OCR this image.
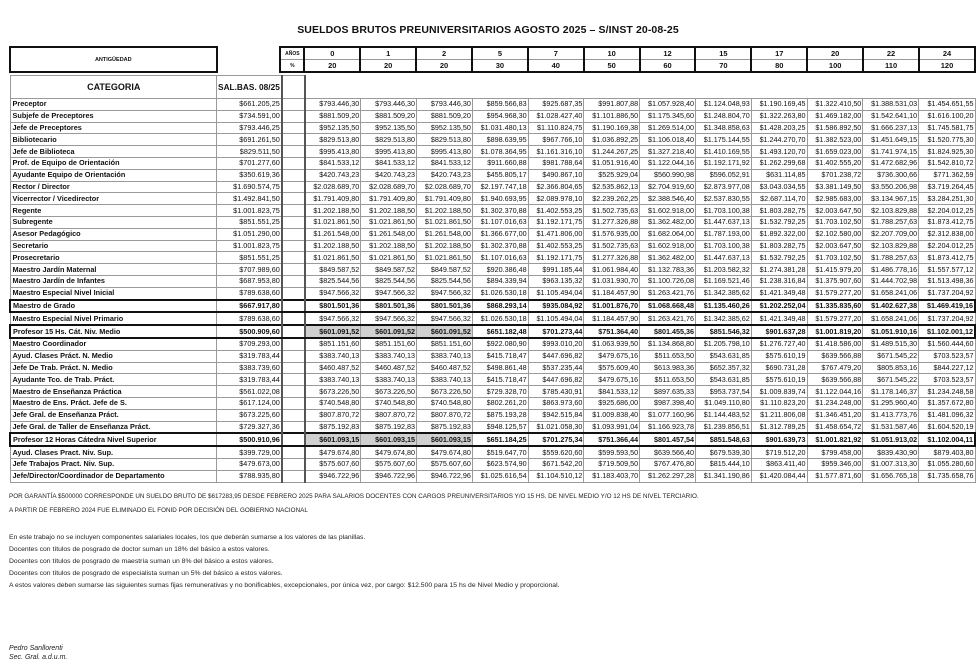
SUELDOS BRUTOS PREUNIVERSITARIOS AGOSTO 2025 – S/INST 20-08-25
ANTIGÜEDAD		AÑOS	0	1	2	5	7	10	12	15	17	20	22	24
		%	20	20	20	30	40	50	60	70	80	100	110	120
CATEGORIA	SAL.BAS. 08/25													
Preceptor	$661.205,25		$793.446,30	$793.446,30	$793.446,30	$859.566,83	$925.687,35	$991.807,88	$1.057.928,40	$1.124.048,93	$1.190.169,45	$1.322.410,50	$1.388.531,03	$1.454.651,55
Subjefe de Preceptores	$734.591,00		$881.509,20	$881.509,20	$881.509,20	$954.968,30	$1.028.427,40	$1.101.886,50	$1.175.345,60	$1.248.804,70	$1.322.263,80	$1.469.182,00	$1.542.641,10	$1.616.100,20
Jefe de Preceptores	$793.446,25		$952.135,50	$952.135,50	$952.135,50	$1.031.480,13	$1.110.824,75	$1.190.169,38	$1.269.514,00	$1.348.858,63	$1.428.203,25	$1.586.892,50	$1.666.237,13	$1.745.581,75
Bibliotecario	$691.261,50		$829.513,80	$829.513,80	$829.513,80	$898.639,95	$967.766,10	$1.036.892,25	$1.106.018,40	$1.175.144,55	$1.244.270,70	$1.382.523,00	$1.451.649,15	$1.520.775,30
Jefe de Biblioteca	$829.511,50		$995.413,80	$995.413,80	$995.413,80	$1.078.364,95	$1.161.316,10	$1.244.267,25	$1.327.218,40	$1.410.169,55	$1.493.120,70	$1.659.023,00	$1.741.974,15	$1.824.925,30
Prof. de Equipo de Orientación	$701.277,60		$841.533,12	$841.533,12	$841.533,12	$911.660,88	$981.788,64	$1.051.916,40	$1.122.044,16	$1.192.171,92	$1.262.299,68	$1.402.555,20	$1.472.682,96	$1.542.810,72
Ayudante Equipo de Orientación	$350.619,36		$420.743,23	$420.743,23	$420.743,23	$455.805,17	$490.867,10	$525.929,04	$560.990,98	$596.052,91	$631.114,85	$701.238,72	$736.300,66	$771.362,59
Rector / Director	$1.690.574,75		$2.028.689,70	$2.028.689,70	$2.028.689,70	$2.197.747,18	$2.366.804,65	$2.535.862,13	$2.704.919,60	$2.873.977,08	$3.043.034,55	$3.381.149,50	$3.550.206,98	$3.719.264,45
Vicerrector / Vicedirector	$1.492.841,50		$1.791.409,80	$1.791.409,80	$1.791.409,80	$1.940.693,95	$2.089.978,10	$2.239.262,25	$2.388.546,40	$2.537.830,55	$2.687.114,70	$2.985.683,00	$3.134.967,15	$3.284.251,30
Regente	$1.001.823,75		$1.202.188,50	$1.202.188,50	$1.202.188,50	$1.302.370,88	$1.402.553,25	$1.502.735,63	$1.602.918,00	$1.703.100,38	$1.803.282,75	$2.003.647,50	$2.103.829,88	$2.204.012,25
Subregente	$851.551,25		$1.021.861,50	$1.021.861,50	$1.021.861,50	$1.107.016,63	$1.192.171,75	$1.277.326,88	$1.362.482,00	$1.447.637,13	$1.532.792,25	$1.703.102,50	$1.788.257,63	$1.873.412,75
Asesor Pedagógico	$1.051.290,00		$1.261.548,00	$1.261.548,00	$1.261.548,00	$1.366.677,00	$1.471.806,00	$1.576.935,00	$1.682.064,00	$1.787.193,00	$1.892.322,00	$2.102.580,00	$2.207.709,00	$2.312.838,00
Secretario	$1.001.823,75		$1.202.188,50	$1.202.188,50	$1.202.188,50	$1.302.370,88	$1.402.553,25	$1.502.735,63	$1.602.918,00	$1.703.100,38	$1.803.282,75	$2.003.647,50	$2.103.829,88	$2.204.012,25
Prosecretario	$851.551,25		$1.021.861,50	$1.021.861,50	$1.021.861,50	$1.107.016,63	$1.192.171,75	$1.277.326,88	$1.362.482,00	$1.447.637,13	$1.532.792,25	$1.703.102,50	$1.788.257,63	$1.873.412,75
Maestro Jardín Maternal	$707.989,60		$849.587,52	$849.587,52	$849.587,52	$920.386,48	$991.185,44	$1.061.984,40	$1.132.783,36	$1.203.582,32	$1.274.381,28	$1.415.979,20	$1.486.778,16	$1.557.577,12
Maestro Jardín de Infantes	$687.953,80		$825.544,56	$825.544,56	$825.544,56	$894.339,94	$963.135,32	$1.031.930,70	$1.100.726,08	$1.169.521,46	$1.238.316,84	$1.375.907,60	$1.444.702,98	$1.513.498,36
Maestro Especial Nivel Inicial	$789.638,60		$947.566,32	$947.566,32	$947.566,32	$1.026.530,18	$1.105.494,04	$1.184.457,90	$1.263.421,76	$1.342.385,62	$1.421.349,48	$1.579.277,20	$1.658.241,06	$1.737.204,92
Maestro de Grado	$667.917,80		$801.501,36	$801.501,36	$801.501,36	$868.293,14	$935.084,92	$1.001.876,70	$1.068.668,48	$1.135.460,26	$1.202.252,04	$1.335.835,60	$1.402.627,38	$1.469.419,16
Maestro Especial Nivel Primario	$789.638,60		$947.566,32	$947.566,32	$947.566,32	$1.026.530,18	$1.105.494,04	$1.184.457,90	$1.263.421,76	$1.342.385,62	$1.421.349,48	$1.579.277,20	$1.658.241,06	$1.737.204,92
Profesor 15 Hs. Cát. Niv. Medio	$500.909,60		$601.091,52	$601.091,52	$601.091,52	$651.182,48	$701.273,44	$751.364,40	$801.455,36	$851.546,32	$901.637,28	$1.001.819,20	$1.051.910,16	$1.102.001,12
Maestro Coordinador	$709.293,00		$851.151,60	$851.151,60	$851.151,60	$922.080,90	$993.010,20	$1.063.939,50	$1.134.868,80	$1.205.798,10	$1.276.727,40	$1.418.586,00	$1.489.515,30	$1.560.444,60
Ayud. Clases Práct. N. Medio	$319.783,44		$383.740,13	$383.740,13	$383.740,13	$415.718,47	$447.696,82	$479.675,16	$511.653,50	$543.631,85	$575.610,19	$639.566,88	$671.545,22	$703.523,57
Jefe De Trab. Práct. N. Medio	$383.739,60		$460.487,52	$460.487,52	$460.487,52	$498.861,48	$537.235,44	$575.609,40	$613.983,36	$652.357,32	$690.731,28	$767.479,20	$805.853,16	$844.227,12
Ayudante Tco. de Trab. Práct.	$319.783,44		$383.740,13	$383.740,13	$383.740,13	$415.718,47	$447.696,82	$479.675,16	$511.653,50	$543.631,85	$575.610,19	$639.566,88	$671.545,22	$703.523,57
Maestro de Enseñanza Práctica	$561.022,08		$673.226,50	$673.226,50	$673.226,50	$729.328,70	$785.430,91	$841.533,12	$897.635,33	$953.737,54	$1.009.839,74	$1.122.044,16	$1.178.146,37	$1.234.248,58
Maestro de Ens. Práct. Jefe de S.	$617.124,00		$740.548,80	$740.548,80	$740.548,80	$802.261,20	$863.973,60	$925.686,00	$987.398,40	$1.049.110,80	$1.110.823,20	$1.234.248,00	$1.295.960,40	$1.357.672,80
Jefe Gral. de Enseñanza Práct.	$673.225,60		$807.870,72	$807.870,72	$807.870,72	$875.193,28	$942.515,84	$1.009.838,40	$1.077.160,96	$1.144.483,52	$1.211.806,08	$1.346.451,20	$1.413.773,76	$1.481.096,32
Jefe Gral. de Taller de Enseñanza Práct.	$729.327,36		$875.192,83	$875.192,83	$875.192,83	$948.125,57	$1.021.058,30	$1.093.991,04	$1.166.923,78	$1.239.856,51	$1.312.789,25	$1.458.654,72	$1.531.587,46	$1.604.520,19
Profesor 12 Horas Cátedra Nivel Superior	$500.910,96		$601.093,15	$601.093,15	$601.093,15	$651.184,25	$701.275,34	$751.366,44	$801.457,54	$851.548,63	$901.639,73	$1.001.821,92	$1.051.913,02	$1.102.004,11
Ayud. Clases Pract. Niv. Sup.	$399.729,00		$479.674,80	$479.674,80	$479.674,80	$519.647,70	$559.620,60	$599.593,50	$639.566,40	$679.539,30	$719.512,20	$799.458,00	$839.430,90	$879.403,80
Jefe Trabajos Pract. Niv. Sup.	$479.673,00		$575.607,60	$575.607,60	$575.607,60	$623.574,90	$671.542,20	$719.509,50	$767.476,80	$815.444,10	$863.411,40	$959.346,00	$1.007.313,30	$1.055.280,60
Jefe/Director/Coordinador de Departamento	$788.935,80		$946.722,96	$946.722,96	$946.722,96	$1.025.616,54	$1.104.510,12	$1.183.403,70	$1.262.297,28	$1.341.190,86	$1.420.084,44	$1.577.871,60	$1.656.765,18	$1.735.658,76
POR GARANTÍA $500000 CORRESPONDE UN SUELDO BRUTO DE $617283,95 DESDE FEBRERO 2025 PARA SALARIOS DOCENTES CON CARGOS PREUNIVERSITARIOS Y/O 15 HS. DE NIVEL MEDIO Y/O 12 HS DE NIVEL TERCIARIO.
A PARTIR DE FEBRERO 2024 FUE ELIMINADO EL FONID POR DECISIÓN DEL GOBIERNO NACIONAL
En este trabajo no se incluyen componentes salariales locales, los que deberán sumarse a los valores de las planillas.
Docentes con títulos de posgrado de doctor suman un 18% del básico a estos valores.
Docentes con títulos de posgrado de maestría suman un 8% del básico a estos valores.
Docentes con títulos de posgrado de especialista suman un 5% del básico a estos valores.
A estos valores deben sumarse las siguientes sumas fijas remunerativas y no bonificables, excepcionales, por única vez, por cargo: $12.500 para 15 hs de Nivel Medio y proporcional.
Pedro Sanllorenti
Sec. Gral. a.d.u.m.
